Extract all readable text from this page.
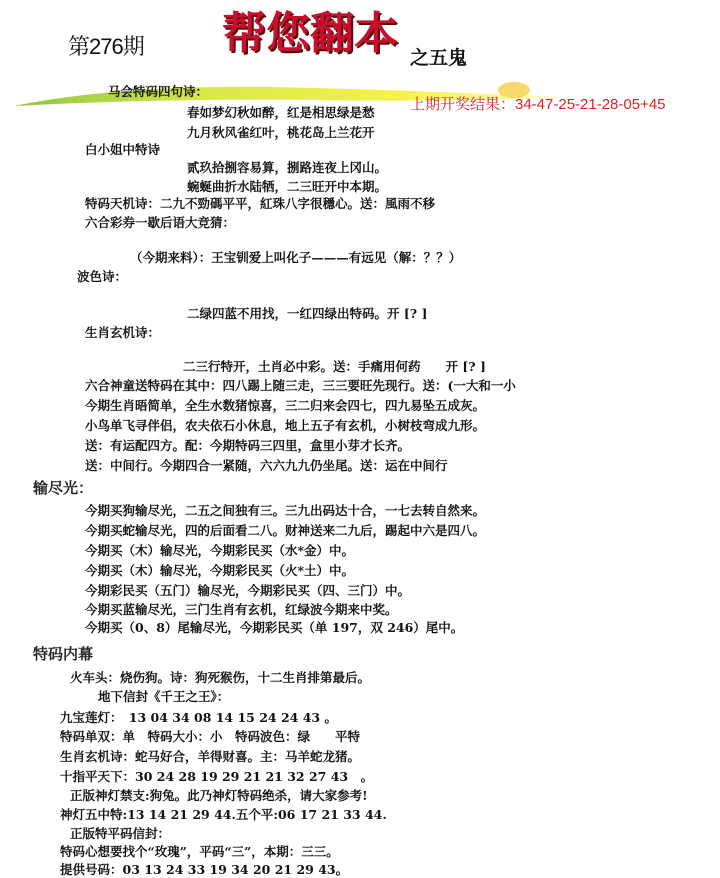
第276期 帮您翻本 之五鬼
上期开奖结果：34-47-25-21-28-05+45
马会特码四句诗：
春如梦幻秋如醉，红是相思绿是愁
九月秋风雀红叶，桃花岛上兰花开
白小姐中特诗
贰玖拾捌容易算，捌路连夜上冈山。
蜿蜒曲折水陆牺，二三旺开中本期。
特码天机诗：二九不勁碼平平，紅珠八字很穩心。送：風雨不移
六合彩券一歇后语大竞猜：
（今期来料）：王宝钏爱上叫化子———有远见（解：？？）
波色诗：
二绿四蓝不用找，一红四绿出特码。开 [? ]
生肖玄机诗：
二三行特开，土肖必中彩。送：手痛用何药　　开 [? ]
六合神童送特码在其中：四八踢上随三走，三三要旺先现行。送：(一大和一小
今期生肖晤简单，全生水数猪惊喜，三二归来会四七，四九易坠五成灰。
小鸟单飞寻伴侣，农夫依石小休息，地上五子有玄机，小树枝弯成九形。
送：有运配四方。配：今期特码三四里，盒里小芽才长齐。
送：中间行。今期四合一紧随，六六九九仍坐尾。送：运在中间行
输尽光：
今期买狗输尽光，二五之间独有三。三九出码达十合，一七去转自然来。
今期买蛇输尽光，四的后面看二八。财神送来二九后，踢起中六是四八。
今期买（木）输尽光，今期彩民买（水*金）中。
今期买（木）输尽光，今期彩民买（火*土）中。
今期彩民买（五门）输尽光，今期彩民买（四、三门）中。
今期买蓝输尽光，三门生肖有玄机，红绿波今期来中奖。
今期买（0、8）尾输尽光，今期彩民买（单 197，双 246）尾中。
特码内幕
火车头：烧伤狗。诗：狗死猴伤，十二生肖排第最后。
地下信封《千王之王》：
九宝莲灯：　13 04 34 08 14 15 24 24 43 。
特码单双：单　特码大小：小　特码波色：绿　　平特
生肖玄机诗：蛇马好合，羊得财喜。主：马羊蛇龙猪。
十指平天下：30 24 28 19 29 21 21 32 27 43　。
正版神灯禁支:狗兔。此乃神灯特码绝杀，请大家参考!
神灯五中特:13 14 21 29 44.五个平:06 17 21 33 44.
正版特平码信封：
特码心想要找个“玫瑰”，平码“三”，本期：三三。
提供号码：03 13 24 33 19 34 20 21 29 43。
